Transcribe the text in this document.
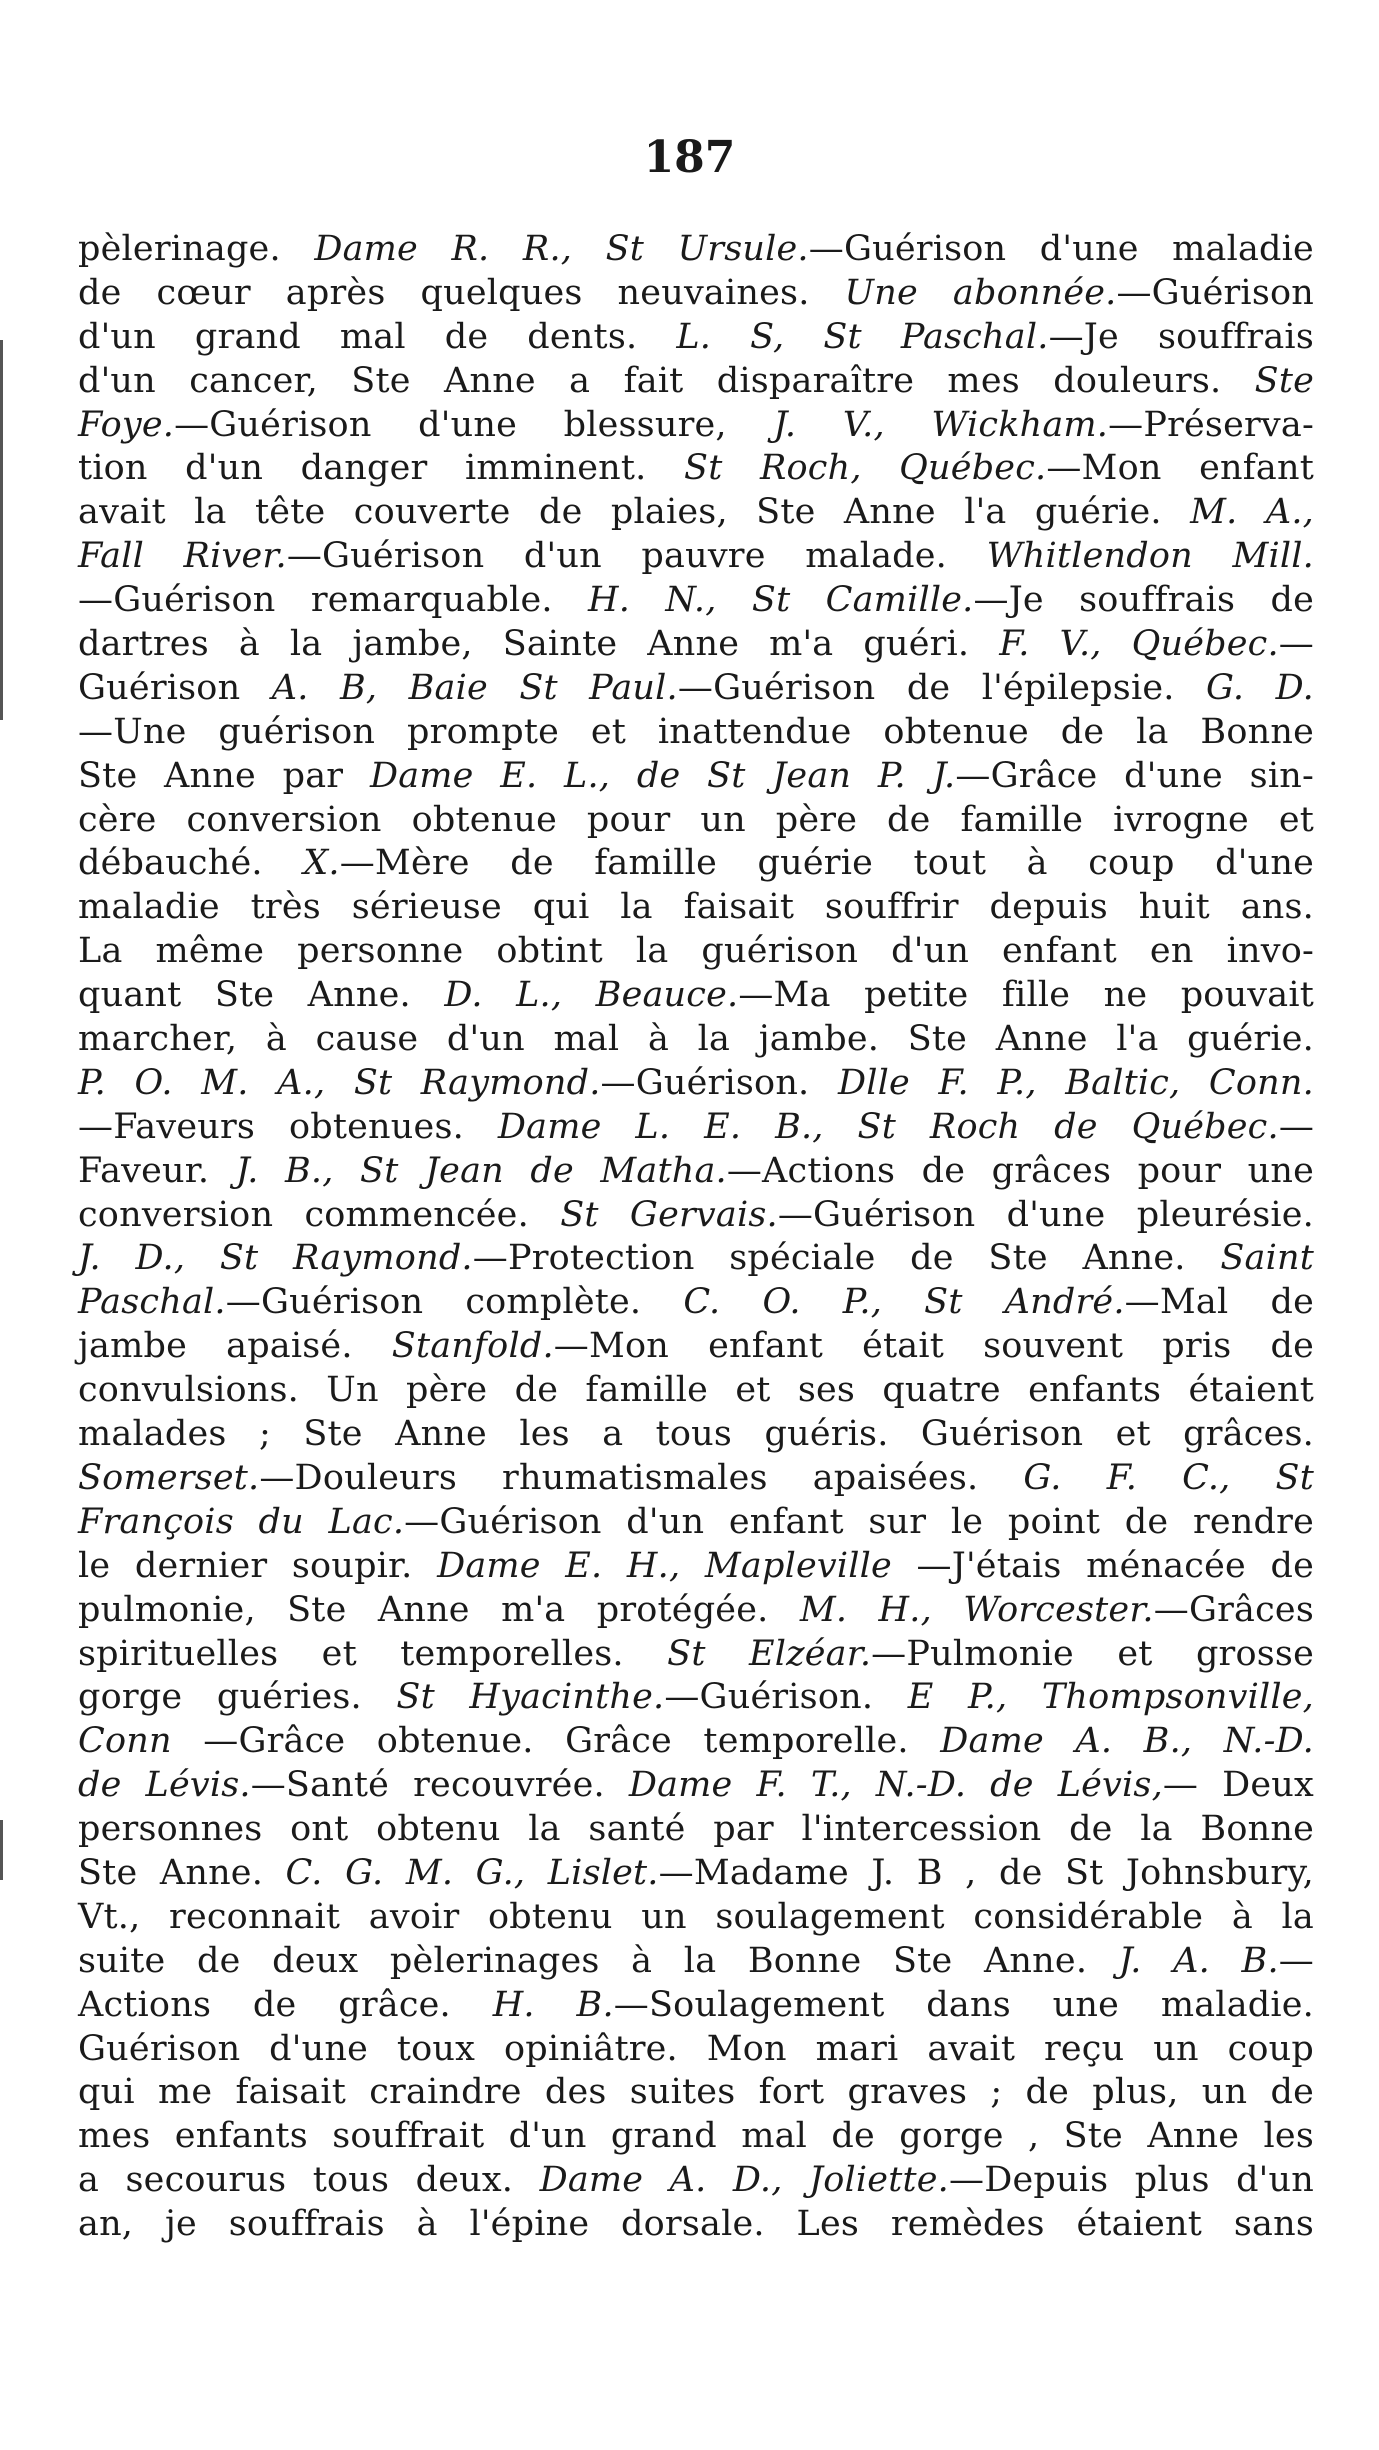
187
pèlerinage. Dame R. R., St Ursule.—Guérison d'une maladie
de cœur après quelques neuvaines. Une abonnée.—Guérison
d'un grand mal de dents. L. S, St Paschal.—Je souffrais
d'un cancer, Ste Anne a fait disparaître mes douleurs. Ste
Foye.—Guérison d'une blessure, J. V., Wickham.—Préserva-
tion d'un danger imminent. St Roch, Québec.—Mon enfant
avait la tête couverte de plaies, Ste Anne l'a guérie. M. A.,
Fall River.—Guérison d'un pauvre malade. Whitlendon Mill.
—Guérison remarquable. H. N., St Camille.—Je souffrais de
dartres à la jambe, Sainte Anne m'a guéri. F. V., Québec.—
Guérison A. B, Baie St Paul.—Guérison de l'épilepsie. G. D.
—Une guérison prompte et inattendue obtenue de la Bonne
Ste Anne par Dame E. L., de St Jean P. J.—Grâce d'une sin-
cère conversion obtenue pour un père de famille ivrogne et
débauché. X.—Mère de famille guérie tout à coup d'une
maladie très sérieuse qui la faisait souffrir depuis huit ans.
La même personne obtint la guérison d'un enfant en invo-
quant Ste Anne. D. L., Beauce.—Ma petite fille ne pouvait
marcher, à cause d'un mal à la jambe. Ste Anne l'a guérie.
P. O. M. A., St Raymond.—Guérison. Dlle F. P., Baltic, Conn.
—Faveurs obtenues. Dame L. E. B., St Roch de Québec.—
Faveur. J. B., St Jean de Matha.—Actions de grâces pour une
conversion commencée. St Gervais.—Guérison d'une pleurésie.
J. D., St Raymond.—Protection spéciale de Ste Anne. Saint
Paschal.—Guérison complète. C. O. P., St André.—Mal de
jambe apaisé. Stanfold.—Mon enfant était souvent pris de
convulsions. Un père de famille et ses quatre enfants étaient
malades ; Ste Anne les a tous guéris. Guérison et grâces.
Somerset.—Douleurs rhumatismales apaisées. G. F. C., St
François du Lac.—Guérison d'un enfant sur le point de rendre
le dernier soupir. Dame E. H., Mapleville —J'étais ménacée de
pulmonie, Ste Anne m'a protégée. M. H., Worcester.—Grâces
spirituelles et temporelles. St Elzéar.—Pulmonie et grosse
gorge guéries. St Hyacinthe.—Guérison. E P., Thompsonville,
Conn —Grâce obtenue. Grâce temporelle. Dame A. B., N.-D.
de Lévis.—Santé recouvrée. Dame F. T., N.-D. de Lévis,— Deux
personnes ont obtenu la santé par l'intercession de la Bonne
Ste Anne. C. G. M. G., Lislet.—Madame J. B , de St Johnsbury,
Vt., reconnait avoir obtenu un soulagement considérable à la
suite de deux pèlerinages à la Bonne Ste Anne. J. A. B.—
Actions de grâce. H. B.—Soulagement dans une maladie.
Guérison d'une toux opiniâtre. Mon mari avait reçu un coup
qui me faisait craindre des suites fort graves ; de plus, un de
mes enfants souffrait d'un grand mal de gorge , Ste Anne les
a secourus tous deux. Dame A. D., Joliette.—Depuis plus d'un
an, je souffrais à l'épine dorsale. Les remèdes étaient sans
